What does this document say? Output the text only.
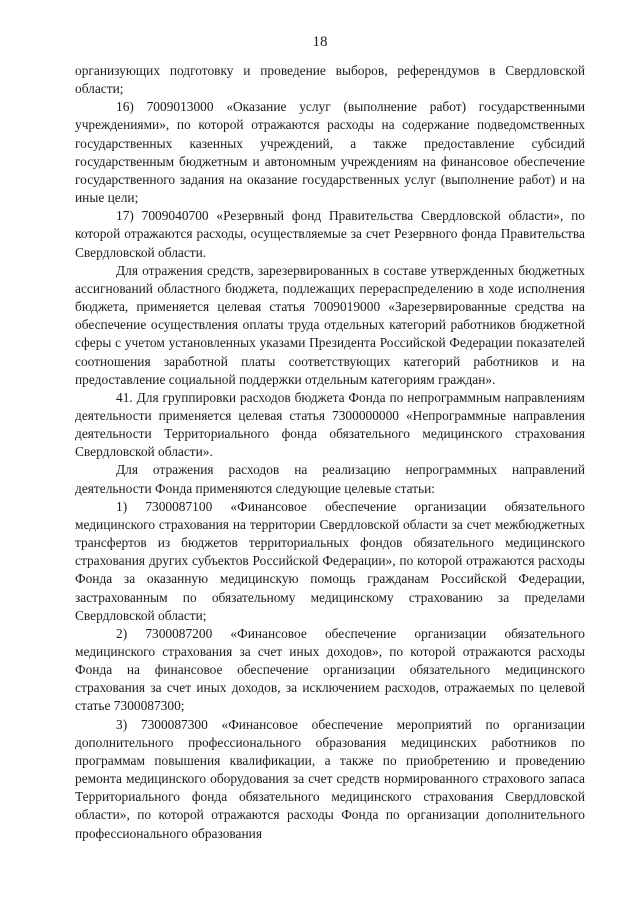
18

организующих подготовку и проведение выборов, референдумов в Свердловской области;

16) 7009013000 «Оказание услуг (выполнение работ) государственными учреждениями», по которой отражаются расходы на содержание подведомственных государственных казенных учреждений, а также предоставление субсидий государственным бюджетным и автономным учреждениям на финансовое обеспечение государственного задания на оказание государственных услуг (выполнение работ) и на иные цели;

17) 7009040700 «Резервный фонд Правительства Свердловской области», по которой отражаются расходы, осуществляемые за счет Резервного фонда Правительства Свердловской области.

Для отражения средств, зарезервированных в составе утвержденных бюджетных ассигнований областного бюджета, подлежащих перераспределению в ходе исполнения бюджета, применяется целевая статья 7009019000 «Зарезервированные средства на обеспечение осуществления оплаты труда отдельных категорий работников бюджетной сферы с учетом установленных указами Президента Российской Федерации показателей соотношения заработной платы соответствующих категорий работников и на предоставление социальной поддержки отдельным категориям граждан».

41. Для группировки расходов бюджета Фонда по непрограммным направлениям деятельности применяется целевая статья 7300000000 «Непрограммные направления деятельности Территориального фонда обязательного медицинского страхования Свердловской области».

Для отражения расходов на реализацию непрограммных направлений деятельности Фонда применяются следующие целевые статьи:

1) 7300087100 «Финансовое обеспечение организации обязательного медицинского страхования на территории Свердловской области за счет межбюджетных трансфертов из бюджетов территориальных фондов обязательного медицинского страхования других субъектов Российской Федерации», по которой отражаются расходы Фонда за оказанную медицинскую помощь гражданам Российской Федерации, застрахованным по обязательному медицинскому страхованию за пределами Свердловской области;

2) 7300087200 «Финансовое обеспечение организации обязательного медицинского страхования за счет иных доходов», по которой отражаются расходы Фонда на финансовое обеспечение организации обязательного медицинского страхования за счет иных доходов, за исключением расходов, отражаемых по целевой статье 7300087300;

3) 7300087300 «Финансовое обеспечение мероприятий по организации дополнительного профессионального образования медицинских работников по программам повышения квалификации, а также по приобретению и проведению ремонта медицинского оборудования за счет средств нормированного страхового запаса Территориального фонда обязательного медицинского страхования Свердловской области», по которой отражаются расходы Фонда по организации дополнительного профессионального образования
